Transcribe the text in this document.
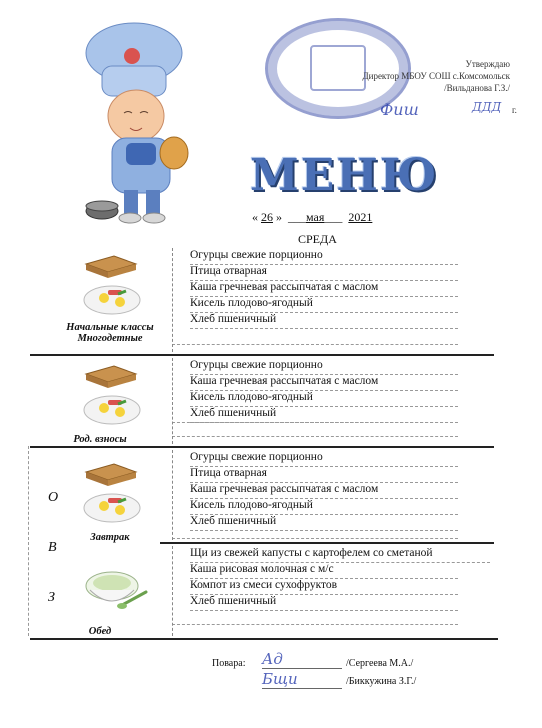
Утверждаю
Директор МБОУ СОШ с.Комсомольск
/Вильданова Г.З./
Фиш	ДДД г.
МЕНЮ
« 26 »  ___мая___  2021
СРЕДА
Начальные классы
Многодетные
Огурцы свежие порционно
Птица отварная
Каша гречневая рассыпчатая с маслом
Кисель плодово-ягодный
Хлеб пшеничный
Род. взносы
Огурцы свежие порционно
Каша гречневая рассыпчатая с маслом
Кисель плодово-ягодный
Хлеб пшеничный
О
В
З
Завтрак
Огурцы свежие порционно
Птица отварная
Каша гречневая рассыпчатая с маслом
Кисель плодово-ягодный
Хлеб пшеничный
Обед
Щи из свежей капусты с картофелем со сметаной
Каша рисовая молочная с м/с
Компот из смеси сухофруктов
Хлеб пшеничный
Повара: Ад	/Сергеева М.А./
Бщи	/Биккужина З.Г./
